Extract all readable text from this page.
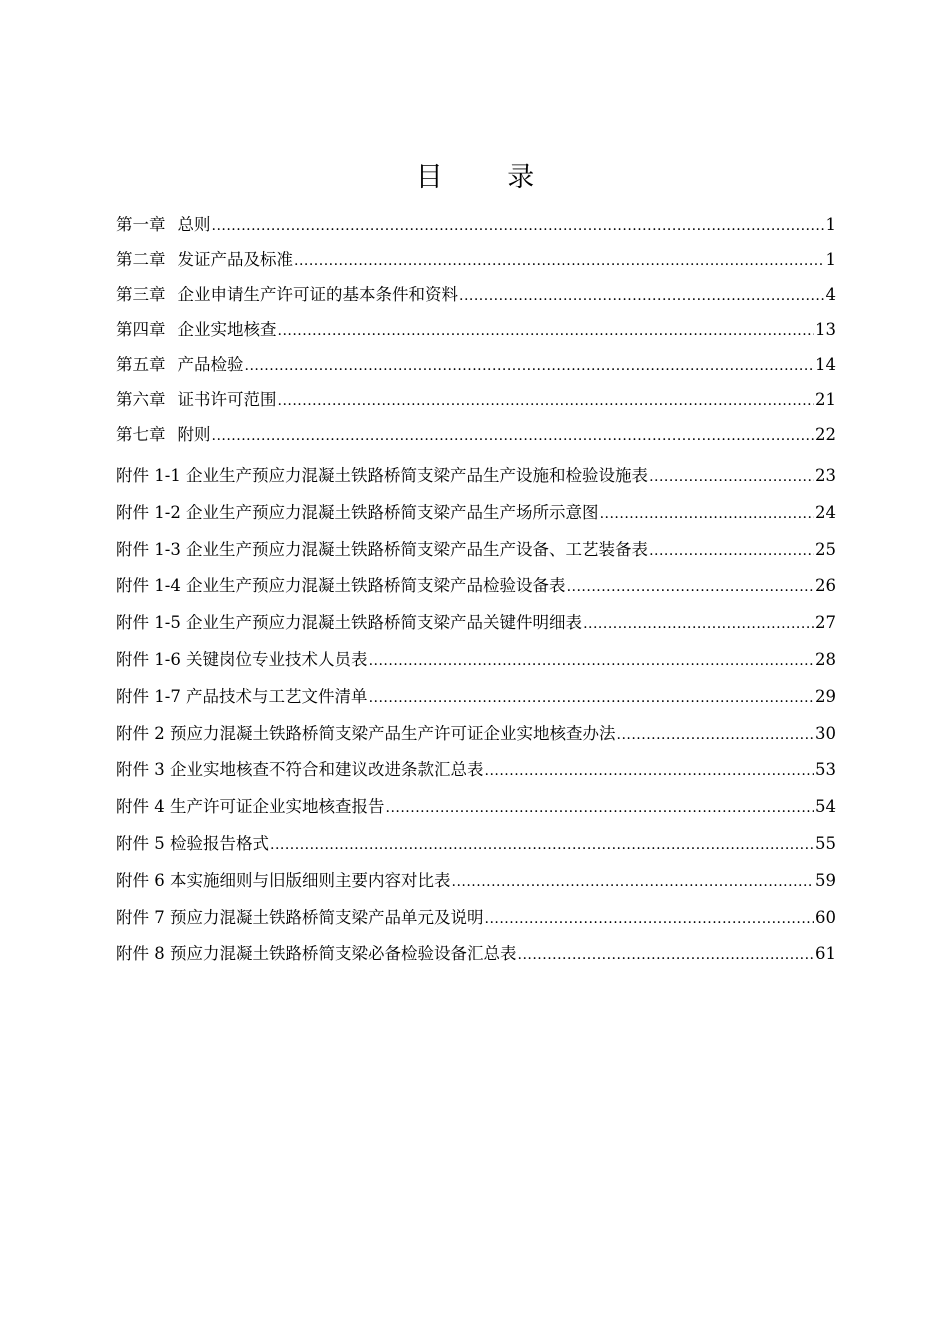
目 录
第一章 总则 .....	1
第二章 发证产品及标准 .....	1
第三章 企业申请生产许可证的基本条件和资料 .....	4
第四章 企业实地核查 .....	13
第五章 产品检验 .....	14
第六章 证书许可范围 .....	21
第七章 附则 .....	22
附件 1-1 企业生产预应力混凝土铁路桥简支梁产品生产设施和检验设施表 .....	23
附件 1-2 企业生产预应力混凝土铁路桥简支梁产品生产场所示意图 .....	24
附件 1-3 企业生产预应力混凝土铁路桥简支梁产品生产设备、工艺装备表 .....	25
附件 1-4 企业生产预应力混凝土铁路桥简支梁产品检验设备表 .....	26
附件 1-5 企业生产预应力混凝土铁路桥简支梁产品关键件明细表 .....	27
附件 1-6 关键岗位专业技术人员表 .....	28
附件 1-7 产品技术与工艺文件清单 .....	29
附件 2 预应力混凝土铁路桥简支梁产品生产许可证企业实地核查办法 .....	30
附件 3 企业实地核查不符合和建议改进条款汇总表 .....	53
附件 4 生产许可证企业实地核查报告 .....	54
附件 5 检验报告格式 .....	55
附件 6 本实施细则与旧版细则主要内容对比表 .....	59
附件 7 预应力混凝土铁路桥简支梁产品单元及说明 .....	60
附件 8 预应力混凝土铁路桥简支梁必备检验设备汇总表 .....	61
